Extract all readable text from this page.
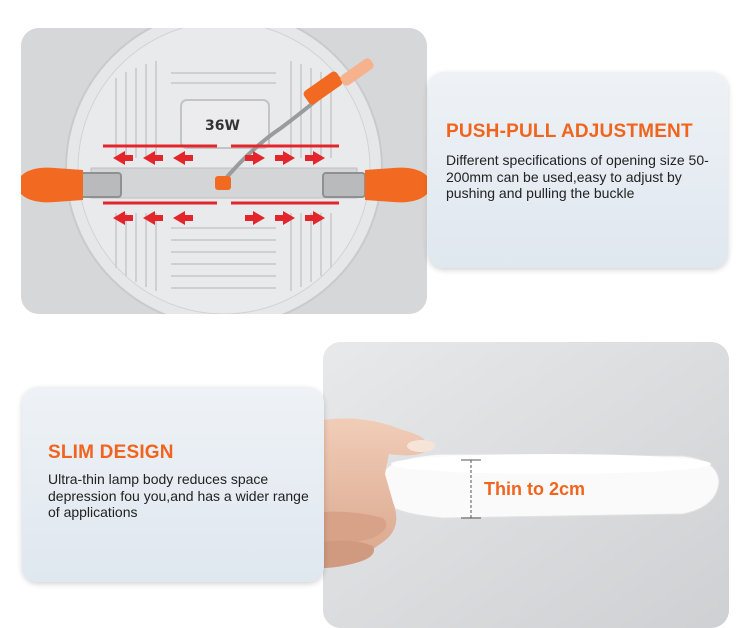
36W	PUSH-PULL ADJUSTMENT

Different specifications of opening size 50-200mm can be used,easy to adjust by pushing and pulling the buckle

Thin to 2cm
SLIM DESIGN

Ultra-thin lamp body reduces space depression fou you,and has a wider range of applications
